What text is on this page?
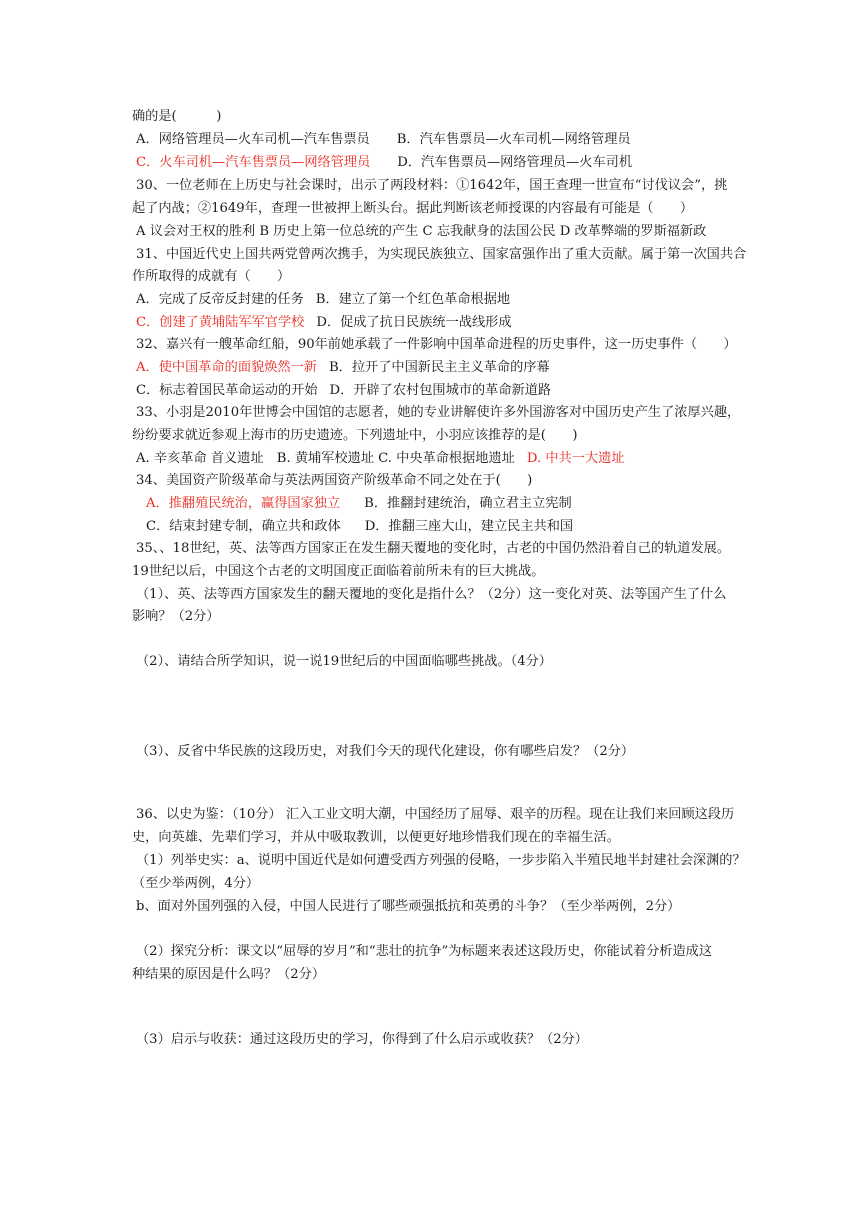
确的是(　　　)
A．网络管理员—火车司机—汽车售票员 B．汽车售票员—火车司机—网络管理员
C．火车司机—汽车售票员—网络管理员 D．汽车售票员—网络管理员—火车司机
30、一位老师在上历史与社会课时，出示了两段材料：①1642年，国王查理一世宣布“讨伐议会”，挑
起了内战；②1649年，查理一世被押上断头台。据此判断该老师授课的内容最有可能是（　　）
A 议会对王权的胜利 B 历史上第一位总统的产生 C 忘我献身的法国公民 D 改革弊端的罗斯福新政
31、中国近代史上国共两党曾两次携手，为实现民族独立、国家富强作出了重大贡献。属于第一次国共合
作所取得的成就有（　　）
A．完成了反帝反封建的任务 B．建立了第一个红色革命根据地
C．创建了黄埔陆军军官学校 D．促成了抗日民族统一战线形成
32、嘉兴有一艘革命红船，90年前她承载了一件影响中国革命进程的历史事件，这一历史事件（　　）
A．使中国革命的面貌焕然一新 B．拉开了中国新民主主义革命的序幕
C．标志着国民革命运动的开始 D．开辟了农村包围城市的革命新道路
33、小羽是2010年世博会中国馆的志愿者，她的专业讲解使许多外国游客对中国历史产生了浓厚兴趣，
纷纷要求就近参观上海市的历史遗迹。下列遗址中，小羽应该推荐的是(　　)
A. 辛亥革命 首义遗址　B. 黄埔军校遗址 C. 中央革命根据地遗址 D. 中共一大遗址
34、美国资产阶级革命与英法两国资产阶级革命不同之处在于(　　)
A．推翻殖民统治，赢得国家独立 B．推翻封建统治，确立君主立宪制
C．结束封建专制，确立共和政体 D．推翻三座大山，建立民主共和国
35、、18世纪，英、法等西方国家正在发生翻天覆地的变化时，古老的中国仍然沿着自己的轨道发展。
19世纪以后，中国这个古老的文明国度正面临着前所未有的巨大挑战。
（1）、英、法等西方国家发生的翻天覆地的变化是指什么？（2分）这一变化对英、法等国产生了什么
影响？（2分）
（2）、请结合所学知识，说一说19世纪后的中国面临哪些挑战。（4分）
（3）、反省中华民族的这段历史，对我们今天的现代化建设，你有哪些启发？（2分）
36、以史为鉴：（10分） 汇入工业文明大潮，中国经历了屈辱、艰辛的历程。现在让我们来回顾这段历
史，向英雄、先辈们学习，并从中吸取教训，以便更好地珍惜我们现在的幸福生活。
（1）列举史实：a、说明中国近代是如何遭受西方列强的侵略，一步步陷入半殖民地半封建社会深渊的？
（至少举两例，4分）
b、面对外国列强的入侵，中国人民进行了哪些顽强抵抗和英勇的斗争？（至少举两例，2分）
（2）探究分析：课文以“屈辱的岁月”和“悲壮的抗争”为标题来表述这段历史，你能试着分析造成这
种结果的原因是什么吗？（2分）
（3）启示与收获：通过这段历史的学习，你得到了什么启示或收获？（2分）
